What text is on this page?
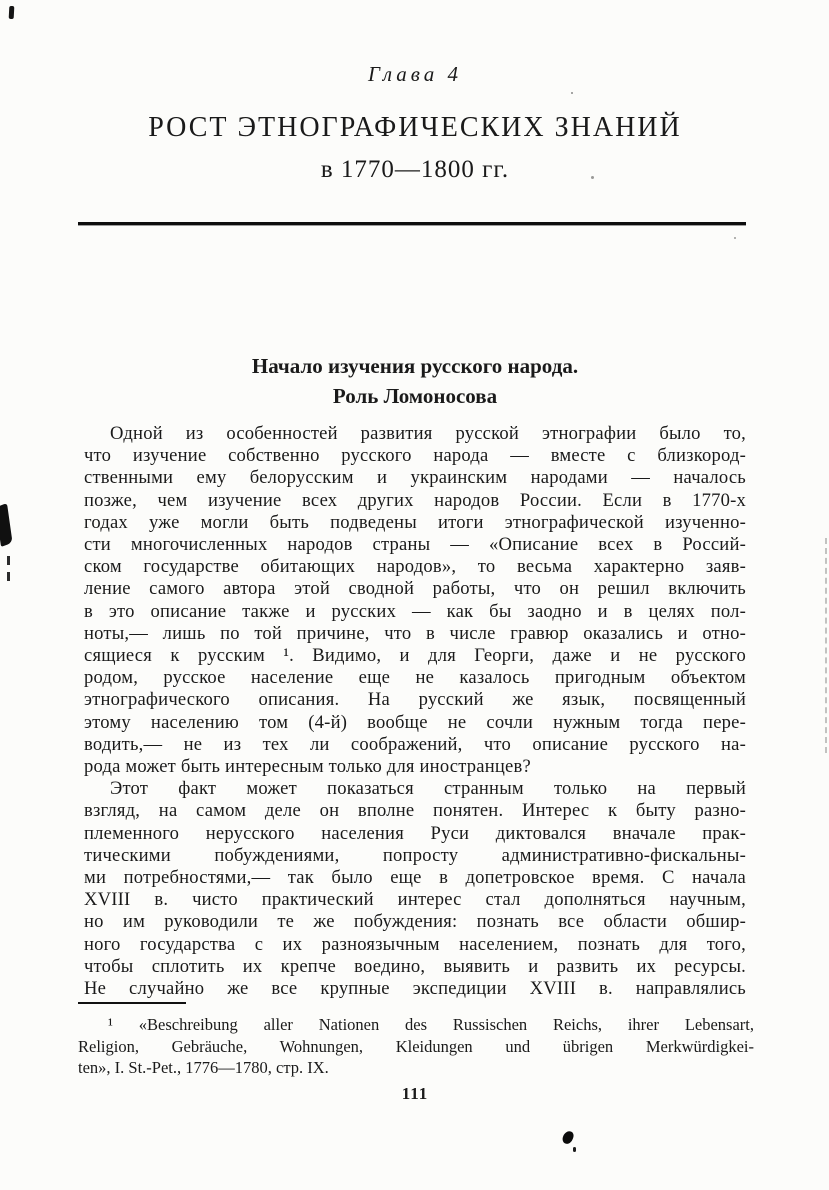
Глава 4
РОСТ ЭТНОГРАФИЧЕСКИХ ЗНАНИЙ
в 1770—1800 гг.
Начало изучения русского народа.
Роль Ломоносова
Одной из особенностей развития русской этнографии было то,
что изучение собственно русского народа — вместе с близкород-
ственными ему белорусским и украинским народами — началось
позже, чем изучение всех других народов России. Если в 1770-х
годах уже могли быть подведены итоги этнографической изученно-
сти многочисленных народов страны — «Описание всех в Россий-
ском государстве обитающих народов», то весьма характерно заяв-
ление самого автора этой сводной работы, что он решил включить
в это описание также и русских — как бы заодно и в целях пол-
ноты,— лишь по той причине, что в числе гравюр оказались и отно-
сящиеся к русским ¹. Видимо, и для Георги, даже и не русского
родом, русское население еще не казалось пригодным объектом
этнографического описания. На русский же язык, посвященный
этому населению том (4-й) вообще не сочли нужным тогда пере-
водить,— не из тех ли соображений, что описание русского на-
рода может быть интересным только для иностранцев?
Этот факт может показаться странным только на первый
взгляд, на самом деле он вполне понятен. Интерес к быту разно-
племенного нерусского населения Руси диктовался вначале прак-
тическими побуждениями, попросту административно-фискальны-
ми потребностями,— так было еще в допетровское время. С начала
XVIII в. чисто практический интерес стал дополняться научным,
но им руководили те же побуждения: познать все области обшир-
ного государства с их разноязычным населением, познать для того,
чтобы сплотить их крепче воедино, выявить и развить их ресурсы.
Не случайно же все крупные экспедиции XVIII в. направлялись
¹ «Beschreibung aller Nationen des Russischen Reichs, ihrer Lebensart,
Religion, Gebräuche, Wohnungen, Kleidungen und übrigen Merkwürdigkei-
ten», I. St.-Pet., 1776—1780, стр. IX.
111
